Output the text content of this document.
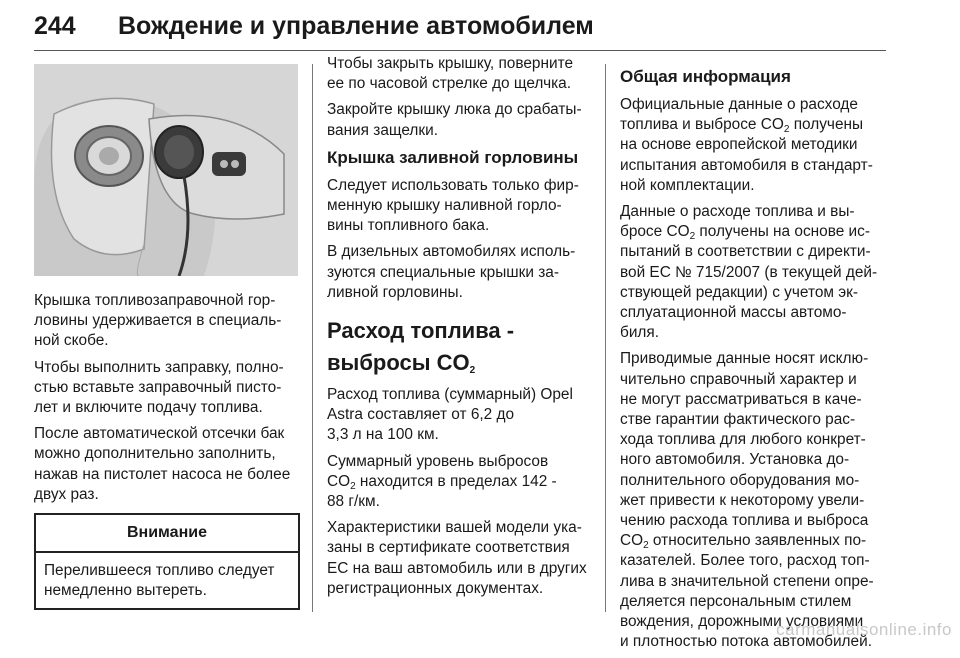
244 Вождение и управление автомобилем

Крышка топливозаправочной гор-
ловины удерживается в специаль-
ной скобе.

Чтобы выполнить заправку, полно-
стью вставьте заправочный писто-
лет и включите подачу топлива.

После автоматической отсечки бак
можно дополнительно заполнить,
нажав на пистолет насоса не более
двух раз.

Внимание
Перелившееся топливо следует
немедленно вытереть.

Чтобы закрыть крышку, поверните
ее по часовой стрелке до щелчка.

Закройте крышку люка до срабаты-
вания защелки.

Крышка заливной горловины

Следует использовать только фир-
менную крышку наливной горло-
вины топливного бака.

В дизельных автомобилях исполь-
зуются специальные крышки за-
ливной горловины.

Расход топлива -
выбросы $CO_2$

Расход топлива (суммарный) Opel
Astra составляет от 6,2 до
3,3 л на 100 км.

Суммарный уровень выбросов
$CO_2$ находится в пределах 142 -
88 г/км.

Характеристики вашей модели ука-
заны в сертификате соответствия
ЕС на ваш автомобиль или в других
регистрационных документах.

Общая информация

Официальные данные о расходе
топлива и выбросе $CO_2$ получены
на основе европейской методики
испытания автомобиля в стандарт-
ной комплектации.

Данные о расходе топлива и вы-
бросе $CO_2$ получены на основе ис-
пытаний в соответствии с директи-
вой ЕС № 715/2007 (в текущей дей-
ствующей редакции) с учетом эк-
сплуатационной массы автомо-
биля.

Приводимые данные носят исклю-
чительно справочный характер и
не могут рассматриваться в каче-
стве гарантии фактического рас-
хода топлива для любого конкрет-
ного автомобиля. Установка до-
полнительного оборудования мо-
жет привести к некоторому увели-
чению расхода топлива и выброса
$CO_2$ относительно заявленных по-
казателей. Более того, расход топ-
лива в значительной степени опре-
деляется персональным стилем
вождения, дорожными условиями
и плотностью потока автомобилей.

carmanualsonline.info
